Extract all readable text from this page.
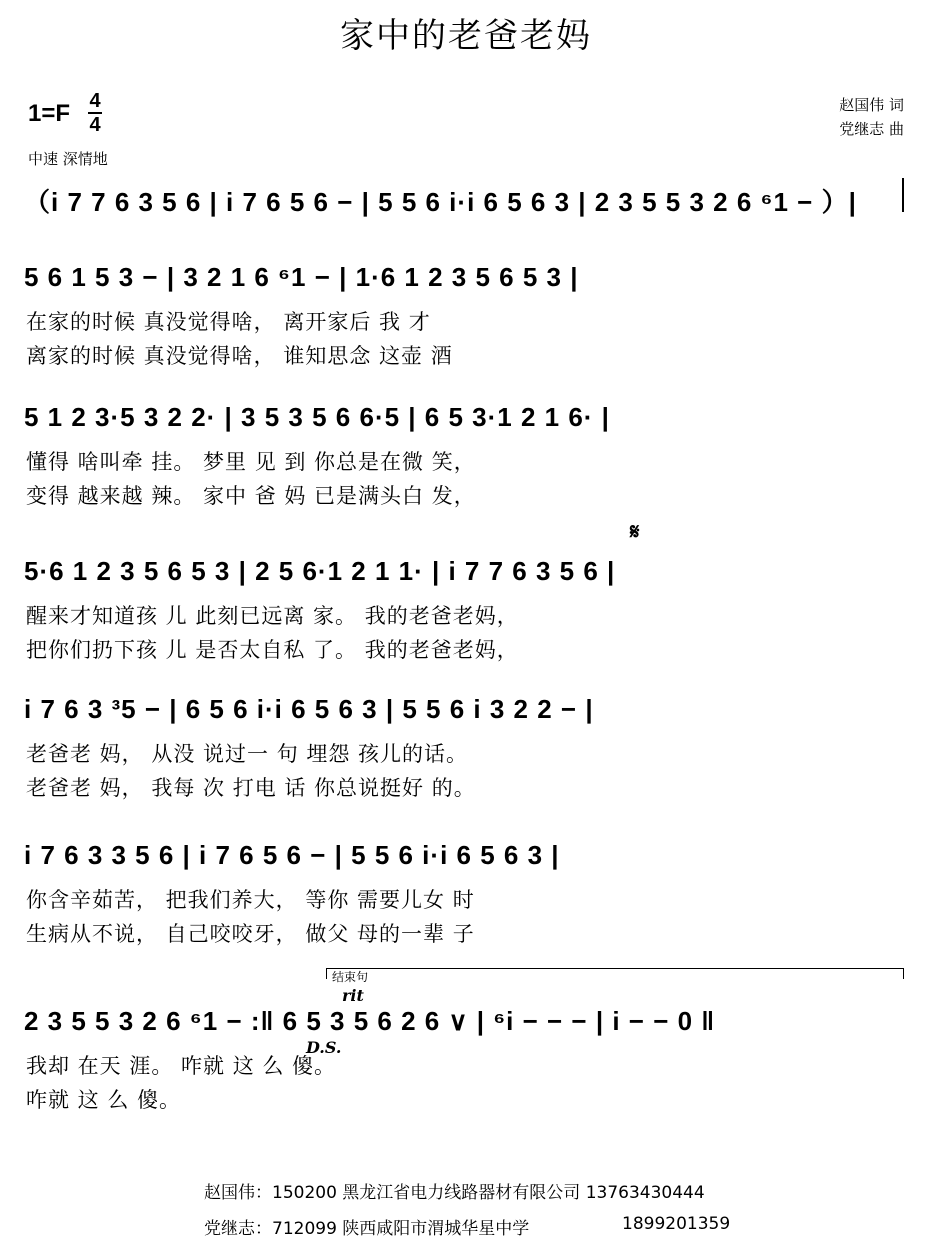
家中的老爸老妈
1=F 4
4
中速 深情地
赵国伟 词
党继志 曲
（i 7 7 6 3 5 6 | i 7 6 5 6 − | 5 5 6 i·i 6 5 6 3 | 2 3 5 5 3 2 6 ⁶1 − ）|
5 6 1 5 3 − | 3 2 1 6 ⁶1 − | 1·6 1 2 3 5 6 5 3 |
在家的时候 真没觉得啥， 离开家后 我 才
离家的时候 真没觉得啥， 谁知思念 这壶 酒
5 1 2 3·5 3 2 2· | 3 5 3 5 6 6·5 | 6 5 3·1 2 1 6· |
懂得 啥叫牵 挂。 梦里 见 到 你总是在微 笑，
变得 越来越 辣。 家中 爸 妈 已是满头白 发，
𝄋
5·6 1 2 3 5 6 5 3 | 2 5 6·1 2 1 1· | i 7 7 6 3 5 6 |
醒来才知道孩 儿 此刻已远离 家。 我的老爸老妈，
把你们扔下孩 儿 是否太自私 了。 我的老爸老妈，
i 7 6 3 ³5 − | 6 5 6 i·i 6 5 6 3 | 5 5 6 i 3 2 2 − |
老爸老 妈， 从没 说过一 句 埋怨 孩儿的话。
老爸老 妈， 我每 次 打电 话 你总说挺好 的。
i 7 6 3 3 5 6 | i 7 6 5 6 − | 5 5 6 i·i 6 5 6 3 |
你含辛茹苦， 把我们养大， 等你 需要儿女 时
生病从不说， 自己咬咬牙， 做父 母的一辈 子
结束句
rit
2 3 5 5 3 2 6 ⁶1 − :‖ 6 5 3 5 6 2 6 ∨ | ⁶i − − − | i − − 0 ‖
D.S.
我却 在天 涯。 咋就 这 么 傻。
咋就 这 么 傻。
赵国伟：150200 黑龙江省电力线路器材有限公司 13763430444
党继志：712099 陕西咸阳市渭城华星中学	1899201359
